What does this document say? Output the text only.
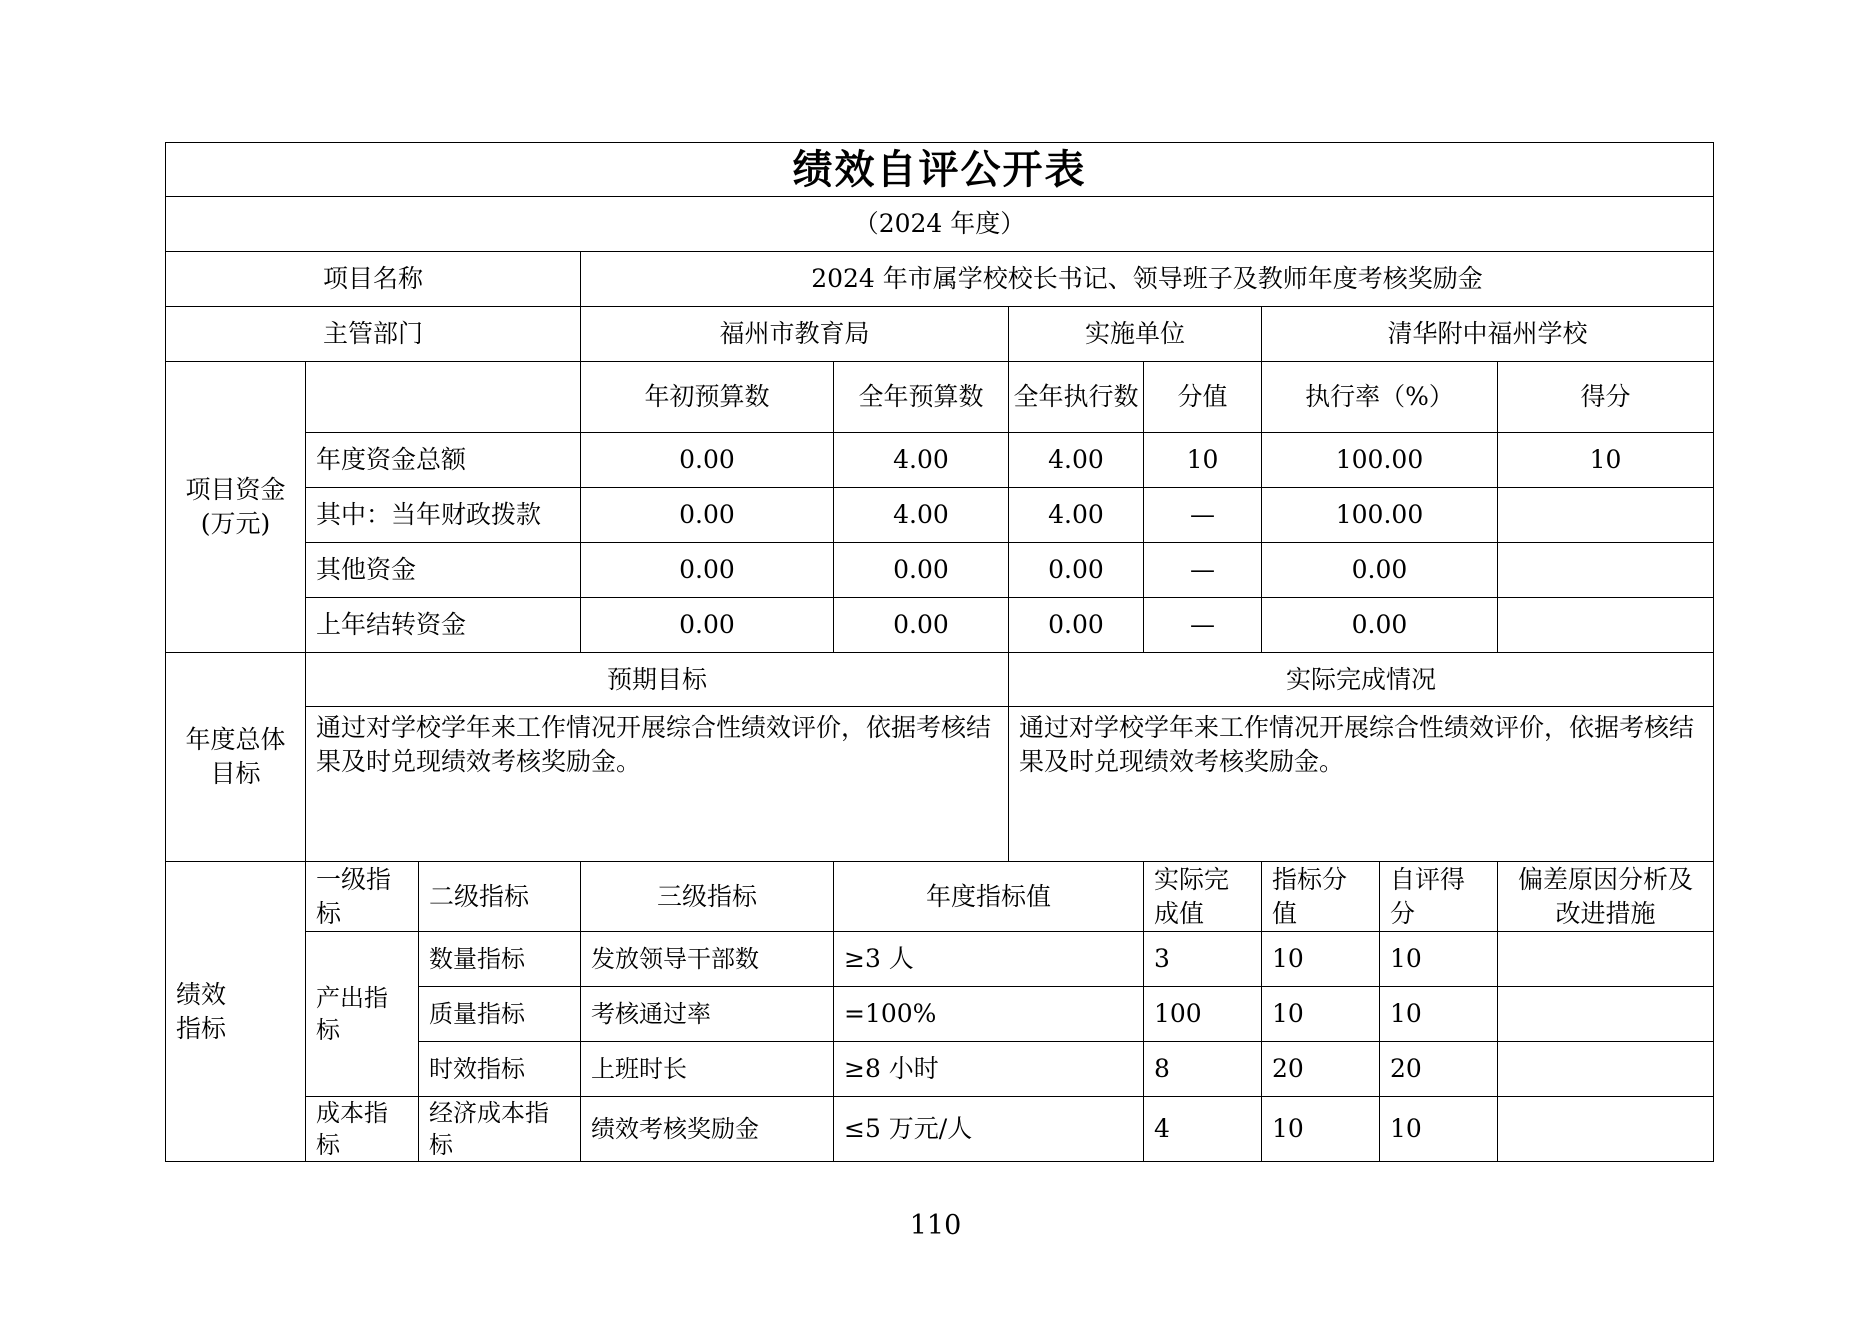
绩效自评公开表									
（2024 年度）									
项目名称			2024 年市属学校校长书记、领导班子及教师年度考核奖励金						
主管部门			福州市教育局		实施单位		清华附中福州学校		
项目资金
(万元)			年初预算数	全年预算数	全年执行数	分值	执行率（%）		得分
	年度资金总额		0.00	4.00	4.00	10	100.00		10
	其中：当年财政拨款		0.00	4.00	4.00	—	100.00		
	其他资金		0.00	0.00	0.00	—	0.00		
	上年结转资金		0.00	0.00	0.00	—	0.00		
年度总体
目标	预期目标				实际完成情况				
	通过对学校学年来工作情况开展综合性绩效评价，依据考核结果及时兑现绩效考核奖励金。				通过对学校学年来工作情况开展综合性绩效评价，依据考核结果及时兑现绩效考核奖励金。				
绩效
指标	一级指标	二级指标	三级指标	年度指标值		实际完成值	指标分值	自评得分	偏差原因分析及改进措施
	产出指标	数量指标	发放领导干部数	≥3 人		3	10	10	
		质量指标	考核通过率	=100%		100	10	10	
		时效指标	上班时长	≥8 小时		8	20	20	
	成本指标	经济成本指标	绩效考核奖励金	≤5 万元/人		4	10	10	
110
